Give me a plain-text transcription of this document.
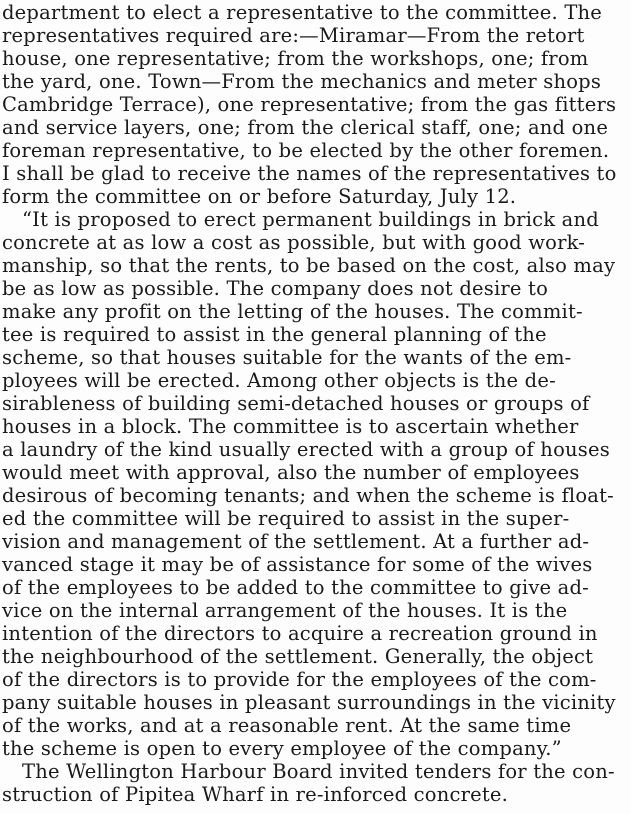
department to elect a representative to the committee. The
representatives required are:—Miramar—From the retort
house, one representative; from the workshops, one; from
the yard, one. Town—From the mechanics and meter shops
Cambridge Terrace), one representative; from the gas fitters
and service layers, one; from the clerical staff, one; and one
foreman representative, to be elected by the other foremen.
I shall be glad to receive the names of the representatives to
form the committee on or before Saturday, July 12.
“It is proposed to erect permanent buildings in brick and
concrete at as low a cost as possible, but with good work-
manship, so that the rents, to be based on the cost, also may
be as low as possible. The company does not desire to
make any profit on the letting of the houses. The commit-
tee is required to assist in the general planning of the
scheme, so that houses suitable for the wants of the em-
ployees will be erected. Among other objects is the de-
sirableness of building semi-detached houses or groups of
houses in a block. The committee is to ascertain whether
a laundry of the kind usually erected with a group of houses
would meet with approval, also the number of employees
desirous of becoming tenants; and when the scheme is float-
ed the committee will be required to assist in the super-
vision and management of the settlement. At a further ad-
vanced stage it may be of assistance for some of the wives
of the employees to be added to the committee to give ad-
vice on the internal arrangement of the houses. It is the
intention of the directors to acquire a recreation ground in
the neighbourhood of the settlement. Generally, the object
of the directors is to provide for the employees of the com-
pany suitable houses in pleasant surroundings in the vicinity
of the works, and at a reasonable rent. At the same time
the scheme is open to every employee of the company.”
The Wellington Harbour Board invited tenders for the con-
struction of Pipitea Wharf in re-inforced concrete.
